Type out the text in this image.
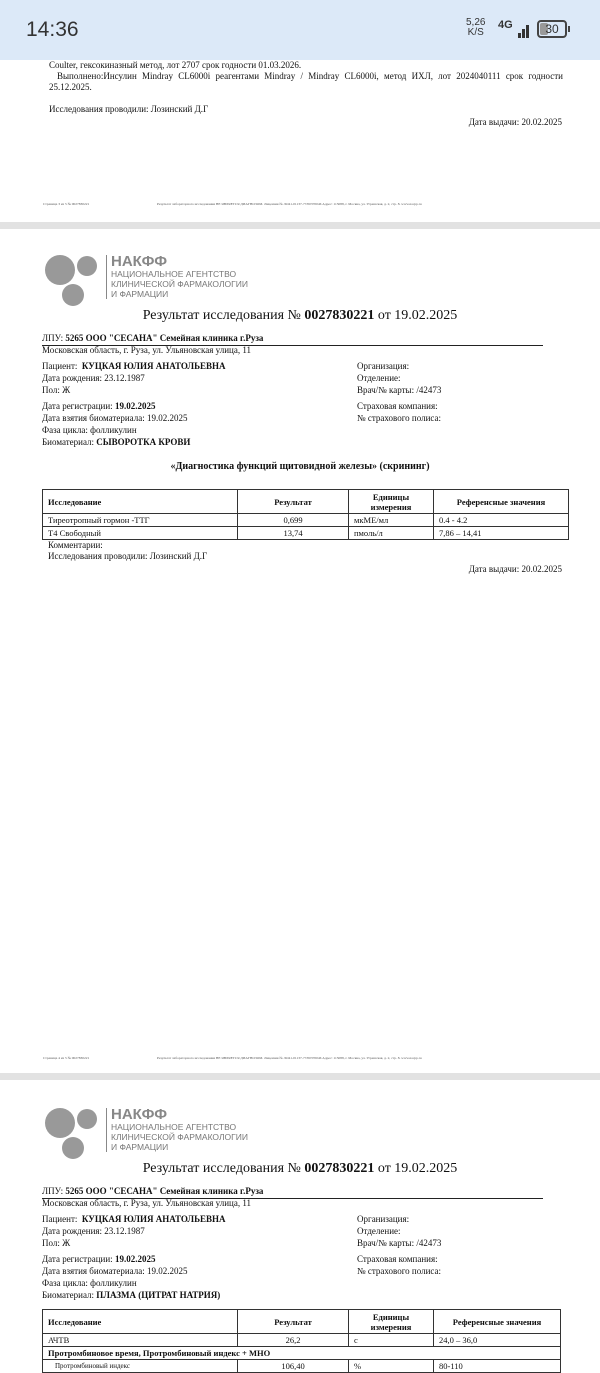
14:36	5,26
K/S
4G	30
Coulter, гексокиназный метод, лот 2707 срок годности 01.03.2026.
Выполнено:Инсулин Mindray CL6000i реагентами Mindray / Mindray CL6000i, метод ИХЛ, лот 2024040111 срок годности
25.12.2025.
Исследования проводили: Лозинский Д.Г
Дата выдачи: 20.02.2025
Страница 3 из 5 № 0027830221	Результат лабораторного исследования НЕ ЯВЛЯЕТСЯ ДИАГНОЗОМ. Лицензия № ЛО41-01137-77/00370046 Адрес: 115088, г. Москва, ул. Угрешская, д. 2, стр. 8. www.nacpp.ru
НАКФФ
НАЦИОНАЛЬНОЕ АГЕНТСТВО
КЛИНИЧЕСКОЙ ФАРМАКОЛОГИИ
И ФАРМАЦИИ
Результат исследования № 0027830221 от 19.02.2025
ЛПУ: 5265 ООО "СЕСАНА" Семейная клиника г.Руза
Московская область, г. Руза, ул. Ульяновская улица, 11
Пациент: КУЦКАЯ ЮЛИЯ АНАТОЛЬЕВНА
Дата рождения: 23.12.1987
Пол: Ж
Дата регистрации: 19.02.2025
Дата взятия биоматериала: 19.02.2025
Фаза цикла: фолликулин
Биоматериал: СЫВОРОТКА КРОВИ
Организация:
Отделение:
Врач/№ карты: /42473
Страховая компания:
№ страхового полиса:
«Диагностика функций щитовидной железы» (скрининг)
Исследование	Результат	Единицы
измерения	Референсные значения
Тиреотропный гормон -ТТГ	0,699	мкМЕ/мл	0.4 - 4.2
Т4 Свободный	13,74	пмоль/л	7,86 – 14,41
Комментарии:
Исследования проводили: Лозинский Д.Г
Дата выдачи: 20.02.2025
Страница 4 из 5 № 0027830221	Результат лабораторного исследования НЕ ЯВЛЯЕТСЯ ДИАГНОЗОМ. Лицензия № ЛО41-01137-77/00370046 Адрес: 115088, г. Москва, ул. Угрешская, д. 2, стр. 8. www.nacpp.ru
НАКФФ
НАЦИОНАЛЬНОЕ АГЕНТСТВО
КЛИНИЧЕСКОЙ ФАРМАКОЛОГИИ
И ФАРМАЦИИ
Результат исследования № 0027830221 от 19.02.2025
ЛПУ: 5265 ООО "СЕСАНА" Семейная клиника г.Руза
Московская область, г. Руза, ул. Ульяновская улица, 11
Пациент: КУЦКАЯ ЮЛИЯ АНАТОЛЬЕВНА
Дата рождения: 23.12.1987
Пол: Ж
Дата регистрации: 19.02.2025
Дата взятия биоматериала: 19.02.2025
Фаза цикла: фолликулин
Биоматериал: ПЛАЗМА (ЦИТРАТ НАТРИЯ)
Организация:
Отделение:
Врач/№ карты: /42473
Страховая компания:
№ страхового полиса:
Исследование	Результат	Единицы
измерения	Референсные значения
АЧТВ	26,2	с	24,0 – 36,0
Протромбиновое время, Протромбиновый индекс + МНО			
Протромбиновый индекс	106,40	%	80-110
